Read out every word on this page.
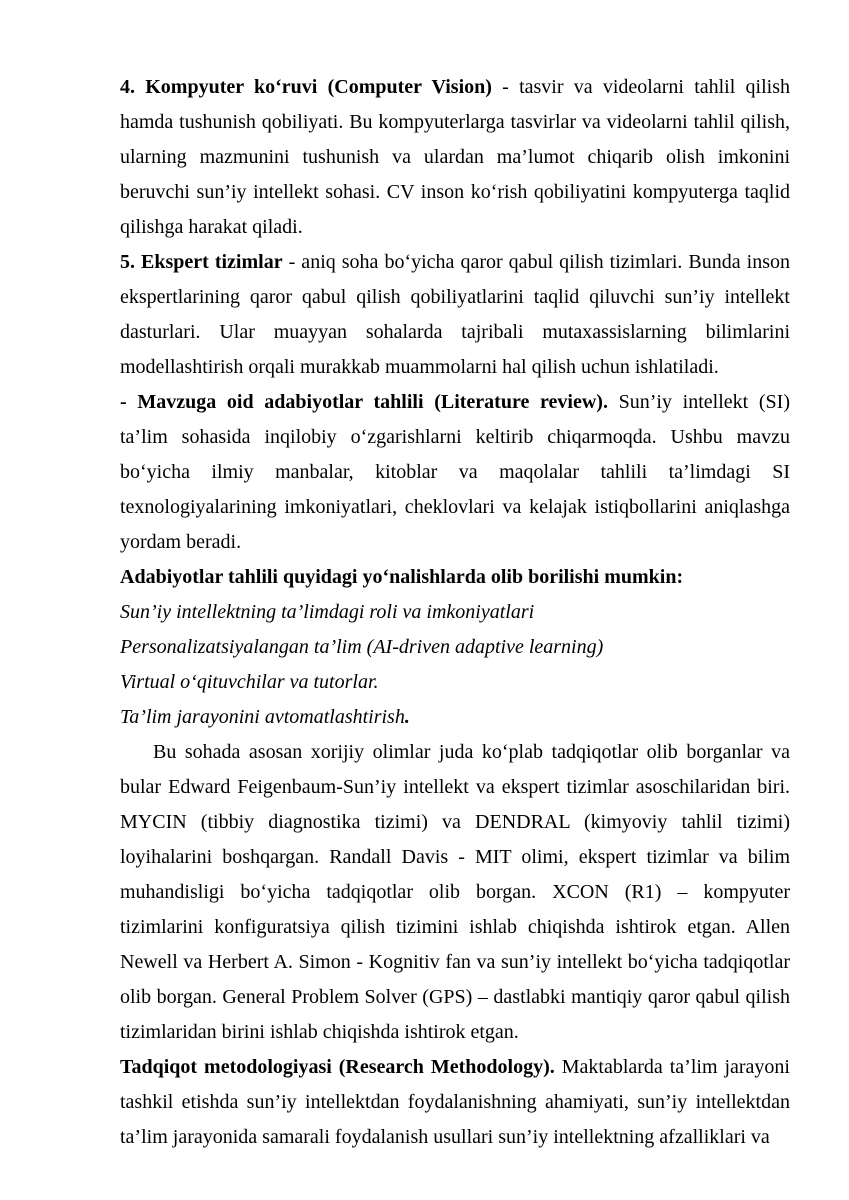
4. Kompyuter koʻruvi (Computer Vision) - tasvir va videolarni tahlil qilish hamda tushunish qobiliyati. Bu kompyuterlarga tasvirlar va videolarni tahlil qilish, ularning mazmunini tushunish va ulardan ma’lumot chiqarib olish imkonini beruvchi sun’iy intellekt sohasi. CV inson koʻrish qobiliyatini kompyuterga taqlid qilishga harakat qiladi.

5. Ekspert tizimlar - aniq soha boʻyicha qaror qabul qilish tizimlari. Bunda inson ekspertlarining qaror qabul qilish qobiliyatlarini taqlid qiluvchi sun’iy intellekt dasturlari. Ular muayyan sohalarda tajribali mutaxassislarning bilimlarini modellashtirish orqali murakkab muammolarni hal qilish uchun ishlatiladi.

- Mavzuga oid adabiyotlar tahlili (Literature review). Sun’iy intellekt (SI) ta’lim sohasida inqilobiy oʻzgarishlarni keltirib chiqarmoqda. Ushbu mavzu boʻyicha ilmiy manbalar, kitoblar va maqolalar tahlili ta’limdagi SI texnologiyalarining imkoniyatlari, cheklovlari va kelajak istiqbollarini aniqlashga yordam beradi.

Adabiyotlar tahlili quyidagi yoʻnalishlarda olib borilishi mumkin:

Sun’iy intellektning ta’limdagi roli va imkoniyatlari

Personalizatsiyalangan ta’lim (AI-driven adaptive learning)

Virtual oʻqituvchilar va tutorlar.

Ta’lim jarayonini avtomatlashtirish.

Bu sohada asosan xorijiy olimlar juda koʻplab tadqiqotlar olib borganlar va bular Edward Feigenbaum-Sun’iy intellekt va ekspert tizimlar asoschilaridan biri. MYCIN (tibbiy diagnostika tizimi) va DENDRAL (kimyoviy tahlil tizimi) loyihalarini boshqargan. Randall Davis - MIT olimi, ekspert tizimlar va bilim muhandisligi boʻyicha tadqiqotlar olib borgan. XCON (R1) – kompyuter tizimlarini konfiguratsiya qilish tizimini ishlab chiqishda ishtirok etgan. Allen Newell va Herbert A. Simon - Kognitiv fan va sun’iy intellekt boʻyicha tadqiqotlar olib borgan. General Problem Solver (GPS) – dastlabki mantiqiy qaror qabul qilish tizimlaridan birini ishlab chiqishda ishtirok etgan.

Tadqiqot metodologiyasi (Research Methodology). Maktablarda ta’lim jarayoni tashkil etishda sun’iy intellektdan foydalanishning ahamiyati, sun’iy intellektdan ta’lim jarayonida samarali foydalanish usullari sun’iy intellektning afzalliklari va
